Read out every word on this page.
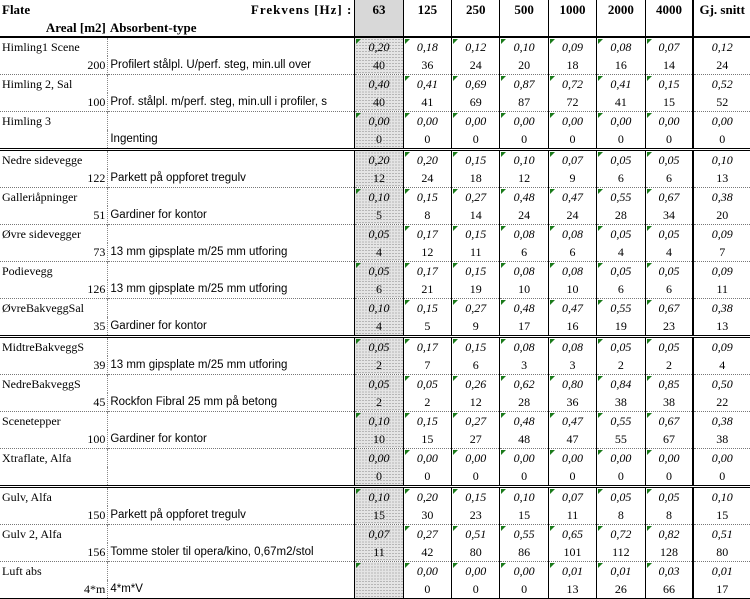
Flate	Frekvens [Hz] :	63	125	250	500	1000	2000	4000	Gj. snitt
Areal [m2]	Absorbent-type								
Himling1 Scene		0,20	0,18	0,12	0,10	0,09	0,08	0,07	0,12
200	Profilert stålpl. U/perf. steg, min.ull over	40	36	24	20	18	16	14	24
Himling 2, Sal		0,40	0,41	0,69	0,87	0,72	0,41	0,15	0,52
100	Prof. stålpl. m/perf. steg, min.ull i profiler, s	40	41	69	87	72	41	15	52
Himling 3		0,00	0,00	0,00	0,00	0,00	0,00	0,00	0,00
	Ingenting	0	0	0	0	0	0	0	0
Nedre sidevegge		0,20	0,20	0,15	0,10	0,07	0,05	0,05	0,10
122	Parkett på oppforet tregulv	12	24	18	12	9	6	6	13
Galleriåpninger		0,10	0,15	0,27	0,48	0,47	0,55	0,67	0,38
51	Gardiner for kontor	5	8	14	24	24	28	34	20
Øvre sidevegger		0,05	0,17	0,15	0,08	0,08	0,05	0,05	0,09
73	13 mm gipsplate m/25 mm utforing	4	12	11	6	6	4	4	7
Podievegg		0,05	0,17	0,15	0,08	0,08	0,05	0,05	0,09
126	13 mm gipsplate m/25 mm utforing	6	21	19	10	10	6	6	11
ØvreBakveggSal		0,10	0,15	0,27	0,48	0,47	0,55	0,67	0,38
35	Gardiner for kontor	4	5	9	17	16	19	23	13
MidtreBakveggS		0,05	0,17	0,15	0,08	0,08	0,05	0,05	0,09
39	13 mm gipsplate m/25 mm utforing	2	7	6	3	3	2	2	4
NedreBakveggS		0,05	0,05	0,26	0,62	0,80	0,84	0,85	0,50
45	Rockfon Fibral 25 mm på betong	2	2	12	28	36	38	38	22
Scenetepper		0,10	0,15	0,27	0,48	0,47	0,55	0,67	0,38
100	Gardiner for kontor	10	15	27	48	47	55	67	38
Xtraflate, Alfa		0,00	0,00	0,00	0,00	0,00	0,00	0,00	0,00
		0	0	0	0	0	0	0	0
Gulv, Alfa		0,10	0,20	0,15	0,10	0,07	0,05	0,05	0,10
150	Parkett på oppforet tregulv	15	30	23	15	11	8	8	15
Gulv 2, Alfa		0,07	0,27	0,51	0,55	0,65	0,72	0,82	0,51
156	Tomme stoler til opera/kino, 0,67m2/stol	11	42	80	86	101	112	128	80
Luft abs			0,00	0,00	0,00	0,01	0,01	0,03	0,01
4*m	4*m*V		0	0	0	13	26	66	17
